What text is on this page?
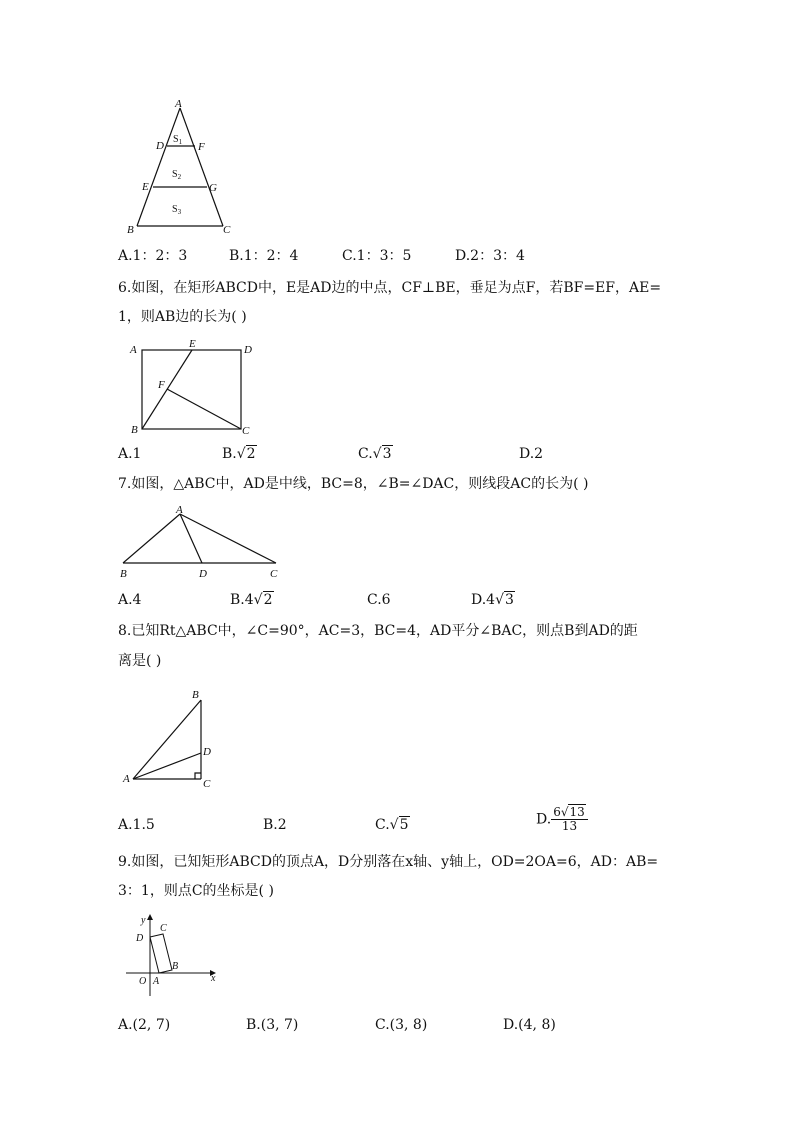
A
D	F
E	G
B	C
$S_1$
$S_2$
$S_3$
A.1：2：3	B.1：2：4	C.1：3：5	D.2：3：4
6.如图，在矩形ABCD中，E是AD边的中点，CF⊥BE，垂足为点F，若BF=EF，AE=
1，则AB边的长为( )
A	E	D
F
B	C
A.1	B.√2	C.√3	D.2
7.如图，△ABC中，AD是中线，BC=8，∠B=∠DAC，则线段AC的长为( )
A
B	D	C
A.4	B.4√2	C.6	D.4√3
8.已知Rt△ABC中，∠C=90°，AC=3，BC=4，AD平分∠BAC，则点B到AD的距
离是( )
B
D
A	C
A.1.5	B.2	C.√5	D. $\frac{6√13}{13}$
9.如图，已知矩形ABCD的顶点A，D分别落在x轴、y轴上，OD=2OA=6，AD：AB=
3：1，则点C的坐标是( )
y
x
D
C
B
O A
A.(2, 7)	B.(3, 7)	C.(3, 8)	D.(4, 8)
